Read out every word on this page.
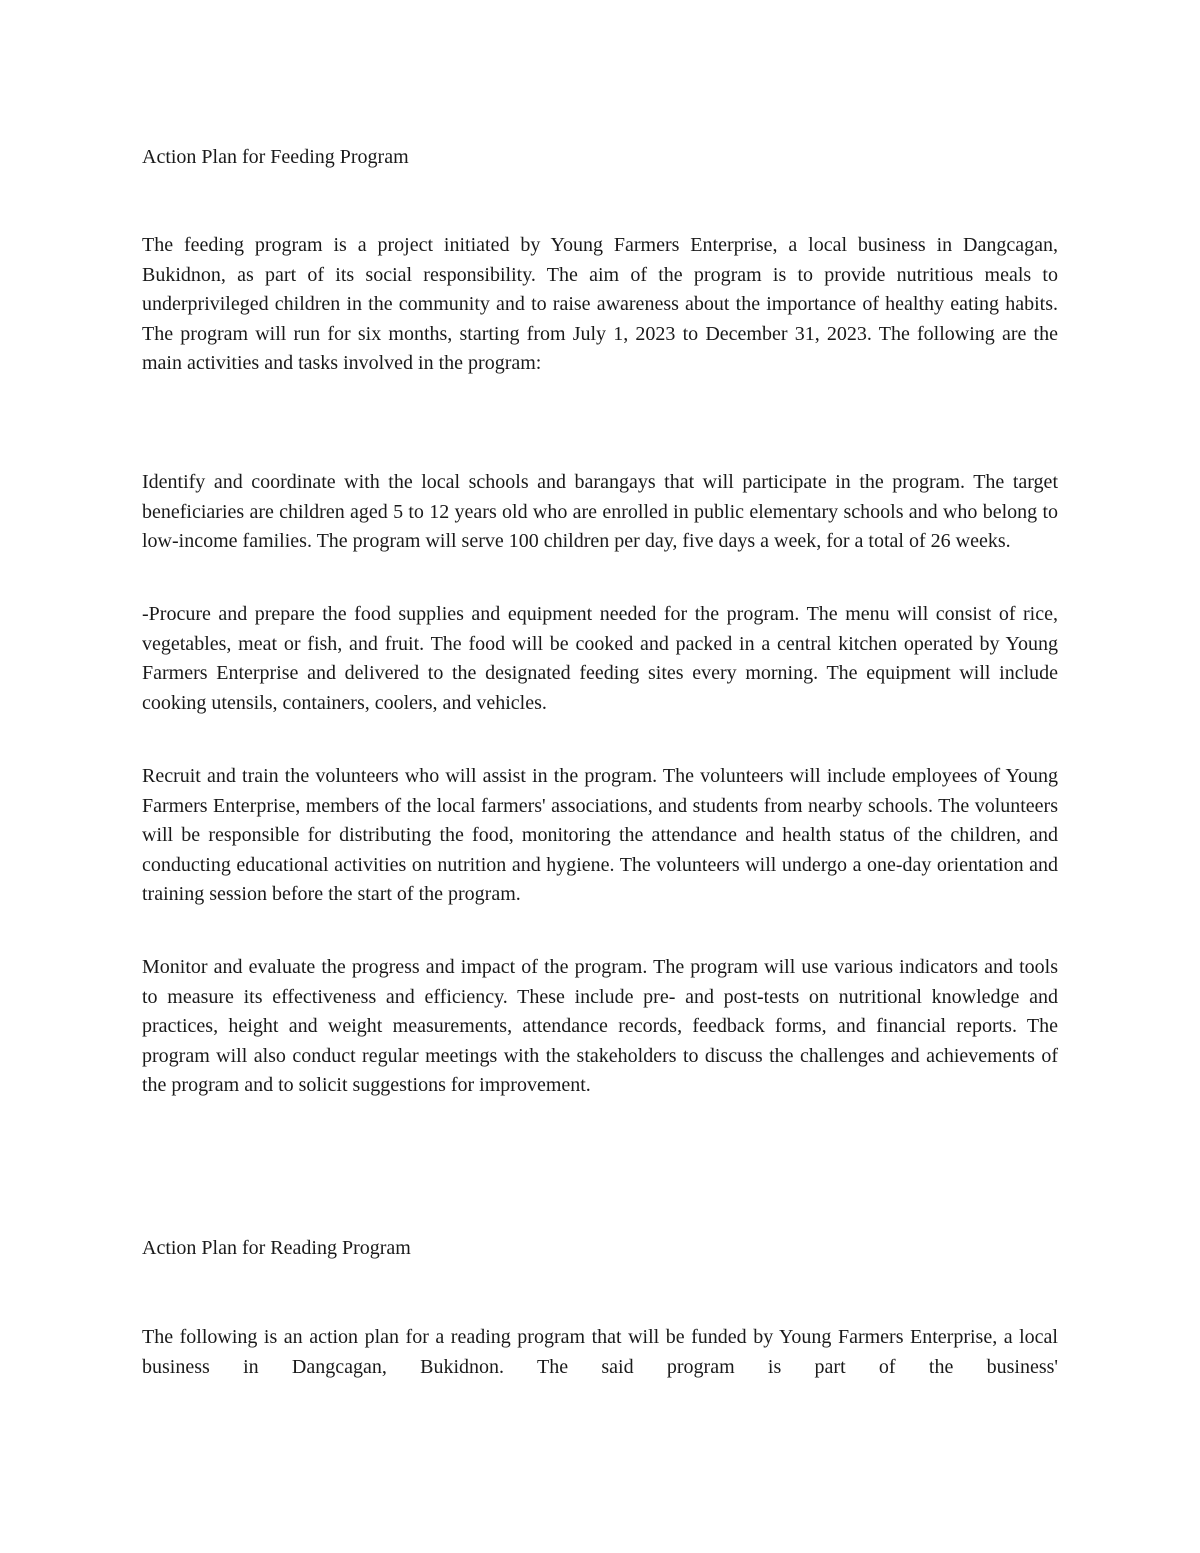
Action Plan for Feeding Program

The feeding program is a project initiated by Young Farmers Enterprise, a local business in Dangcagan, Bukidnon, as part of its social responsibility. The aim of the program is to provide nutritious meals to underprivileged children in the community and to raise awareness about the importance of healthy eating habits. The program will run for six months, starting from July 1, 2023 to December 31, 2023. The following are the main activities and tasks involved in the program:

Identify and coordinate with the local schools and barangays that will participate in the program. The target beneficiaries are children aged 5 to 12 years old who are enrolled in public elementary schools and who belong to low-income families. The program will serve 100 children per day, five days a week, for a total of 26 weeks.

-Procure and prepare the food supplies and equipment needed for the program. The menu will consist of rice, vegetables, meat or fish, and fruit. The food will be cooked and packed in a central kitchen operated by Young Farmers Enterprise and delivered to the designated feeding sites every morning. The equipment will include cooking utensils, containers, coolers, and vehicles.

Recruit and train the volunteers who will assist in the program. The volunteers will include employees of Young Farmers Enterprise, members of the local farmers' associations, and students from nearby schools. The volunteers will be responsible for distributing the food, monitoring the attendance and health status of the children, and conducting educational activities on nutrition and hygiene. The volunteers will undergo a one-day orientation and training session before the start of the program.

Monitor and evaluate the progress and impact of the program. The program will use various indicators and tools to measure its effectiveness and efficiency. These include pre- and post-tests on nutritional knowledge and practices, height and weight measurements, attendance records, feedback forms, and financial reports. The program will also conduct regular meetings with the stakeholders to discuss the challenges and achievements of the program and to solicit suggestions for improvement.

Action Plan for Reading Program

The following is an action plan for a reading program that will be funded by Young Farmers Enterprise, a local business in Dangcagan, Bukidnon. The said program is part of the business'
